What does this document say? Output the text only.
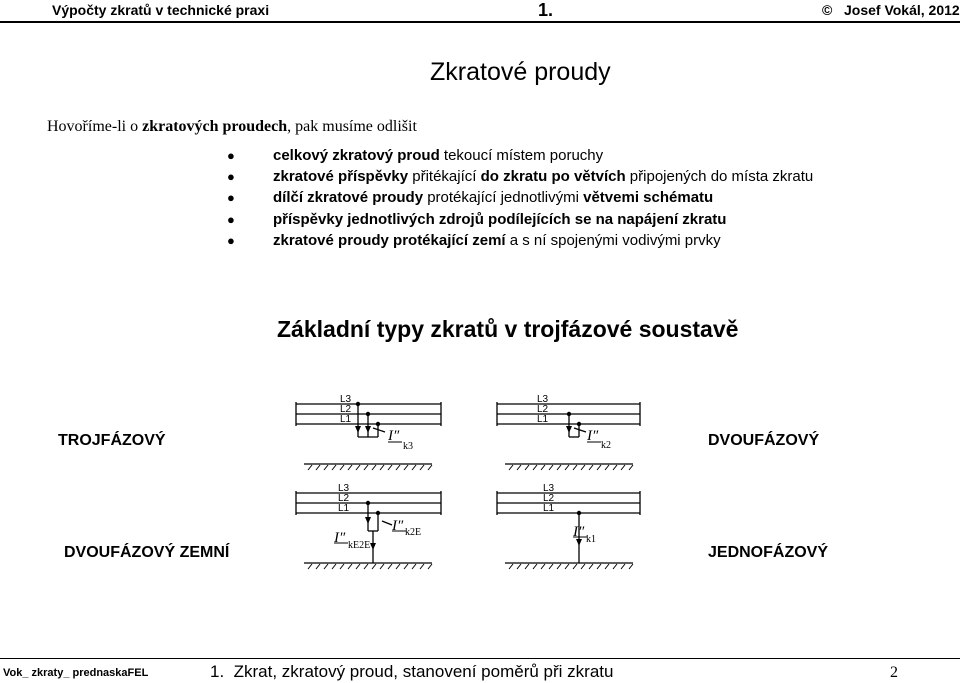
Výpočty zkratů v technické praxi	1.	©   Josef Vokál, 2012
Zkratové proudy
Hovoříme-li o zkratových proudech, pak musíme odlišit
●	celkový zkratový proud tekoucí místem poruchy
●	zkratové příspěvky přitékající do zkratu po větvích připojených do místa zkratu
●	dílčí zkratové proudy protékající jednotlivými větvemi schématu
●	příspěvky jednotlivých zdrojů podílejících se na napájení zkratu
●	zkratové proudy protékající zemí a s ní spojenými vodivými prvky
Základní typy zkratů v trojfázové soustavě
TROJFÁZOVÝ	DVOUFÁZOVÝ
DVOUFÁZOVÝ ZEMNÍ	JEDNOFÁZOVÝ
L3
L2
L1
I″
k3
L3
L2
L1
I″
k2
L3
L2
L1
I″ k2E
I″ kE2E
L3
L2
L1
I″ k1
Vok_ zkraty_ prednaskaFEL	1.  Zkrat, zkratový proud, stanovení poměrů při zkratu	2
